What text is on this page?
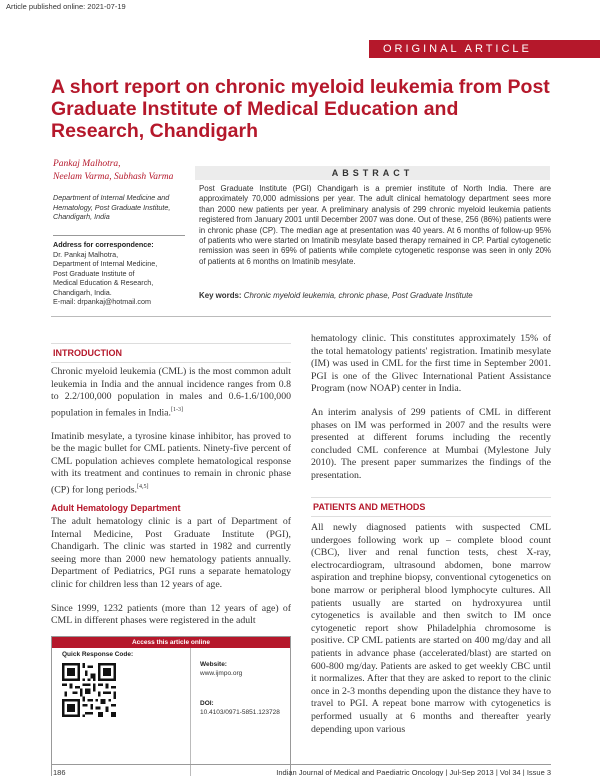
Article published online: 2021-07-19
ORIGINAL ARTICLE
A short report on chronic myeloid leukemia from Post Graduate Institute of Medical Education and Research, Chandigarh
Pankaj Malhotra,
Neelam Varma, Subhash Varma
Department of Internal Medicine and Hematology, Post Graduate Institute, Chandigarh, India
Address for correspondence:
Dr. Pankaj Malhotra,
Department of Internal Medicine,
Post Graduate Institute of
Medical Education & Research,
Chandigarh, India.
E-mail: drpankaj@hotmail.com
ABSTRACT

Post Graduate Institute (PGI) Chandigarh is a premier institute of North India. There are approximately 70,000 admissions per year. The adult clinical hematology department sees more than 2000 new patients per year. A preliminary analysis of 299 chronic myeloid leukemia patients registered from January 2001 until December 2007 was done. Out of these, 256 (86%) patients were in chronic phase (CP). The median age at presentation was 40 years. At 6 months of follow-up 95% of patients who were started on Imatinib mesylate based therapy remained in CP. Partial cytogenetic remission was seen in 69% of patients while complete cytogenetic response was seen in only 20% of patients at 6 months on Imatinib mesylate.

Key words: Chronic myeloid leukemia, chronic phase, Post Graduate Institute
INTRODUCTION

Chronic myeloid leukemia (CML) is the most common adult leukemia in India and the annual incidence ranges from 0.8 to 2.2/100,000 population in males and 0.6-1.6/100,000 population in females in India.[1-3]

Imatinib mesylate, a tyrosine kinase inhibitor, has proved to be the magic bullet for CML patients. Ninety-five percent of CML population achieves complete hematological response with its treatment and continues to remain in chronic phase (CP) for long periods.[4,5]

Adult Hematology Department

The adult hematology clinic is a part of Department of Internal Medicine, Post Graduate Institute (PGI), Chandigarh. The clinic was started in 1982 and currently seeing more than 2000 new hematology patients annually. Department of Pediatrics, PGI runs a separate hematology clinic for children less than 12 years of age.

Since 1999, 1232 patients (more than 12 years of age) of CML in different phases were registered in the adult

Access this article online
Quick Response Code:
Website:
www.ijmpo.org
DOI:
10.4103/0971-5851.123728

hematology clinic. This constitutes approximately 15% of the total hematology patients' registration. Imatinib mesylate (IM) was used in CML for the first time in September 2001. PGI is one of the Glivec International Patient Assistance Program (now NOAP) center in India.

An interim analysis of 299 patients of CML in different phases on IM was performed in 2007 and the results were presented at different forums including the recently concluded CML conference at Mumbai (Mylestone July 2010). The present paper summarizes the findings of the presentation.

PATIENTS AND METHODS

All newly diagnosed patients with suspected CML undergoes following work up – complete blood count (CBC), liver and renal function tests, chest X-ray, electrocardiogram, ultrasound abdomen, bone marrow aspiration and trephine biopsy, conventional cytogenetics on bone marrow or peripheral blood lymphocyte cultures. All patients usually are started on hydroxyurea until cytogenetics is available and then switch to IM once cytogenetic report show Philadelphia chromosome is positive. CP CML patients are started on 400 mg/day and all patients in advance phase (accelerated/blast) are started on 600-800 mg/day. Patients are asked to get weekly CBC until it normalizes. After that they are asked to report to the clinic once in 2-3 months depending upon the distance they have to travel to PGI. A repeat bone marrow with cytogenetics is performed usually at 6 months and thereafter yearly depending upon various

186	Indian Journal of Medical and Paediatric Oncology | Jul-Sep 2013 | Vol 34 | Issue 3
